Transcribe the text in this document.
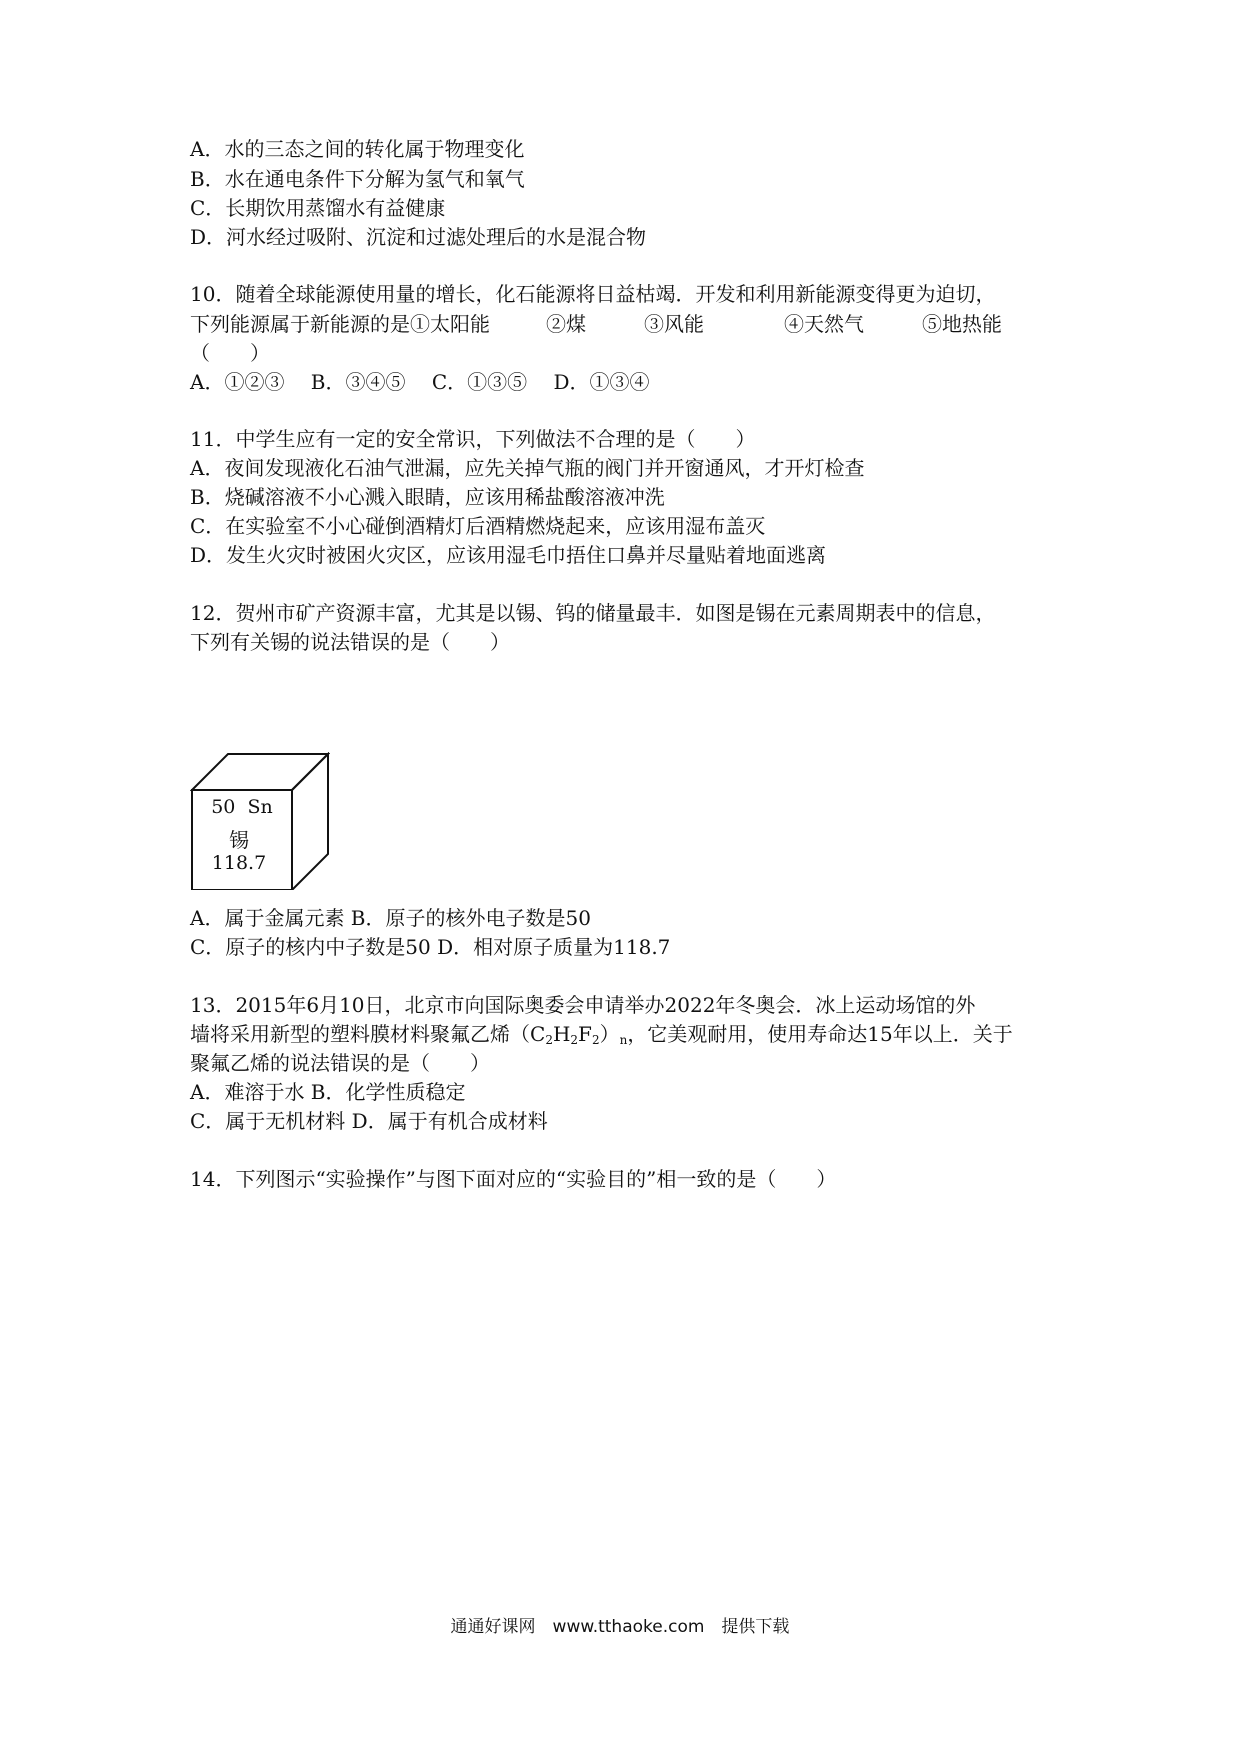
A．水的三态之间的转化属于物理变化
B．水在通电条件下分解为氢气和氧气
C．长期饮用蒸馏水有益健康
D．河水经过吸附、沉淀和过滤处理后的水是混合物
10．随着全球能源使用量的增长，化石能源将日益枯竭．开发和利用新能源变得更为迫切，
下列能源属于新能源的是①太阳能	②煤	③风能	④天然气	⑤地热能
（　　）
A．①②③　 B．③④⑤　 C．①③⑤　 D．①③④
11．中学生应有一定的安全常识，下列做法不合理的是（　　）
A．夜间发现液化石油气泄漏，应先关掉气瓶的阀门并开窗通风，才开灯检查
B．烧碱溶液不小心溅入眼睛，应该用稀盐酸溶液冲洗
C．在实验室不小心碰倒酒精灯后酒精燃烧起来，应该用湿布盖灭
D．发生火灾时被困火灾区，应该用湿毛巾捂住口鼻并尽量贴着地面逃离
12．贺州市矿产资源丰富，尤其是以锡、钨的储量最丰．如图是锡在元素周期表中的信息，
下列有关锡的说法错误的是（　　）
50 Sn
锡
118.7
A．属于金属元素 B．原子的核外电子数是50
C．原子的核内中子数是50 D．相对原子质量为118.7
13．2015年6月10日，北京市向国际奥委会申请举办2022年冬奥会．冰上运动场馆的外
墙将采用新型的塑料膜材料聚氟乙烯$(C_2H_2F_2)_n$，它美观耐用，使用寿命达15年以上．关于
聚氟乙烯的说法错误的是（　　）
A．难溶于水 B．化学性质稳定
C．属于无机材料 D．属于有机合成材料
14．下列图示“实验操作”与图下面对应的“实验目的”相一致的是（　　）
通通好课网　www.tthaoke.com　提供下载
